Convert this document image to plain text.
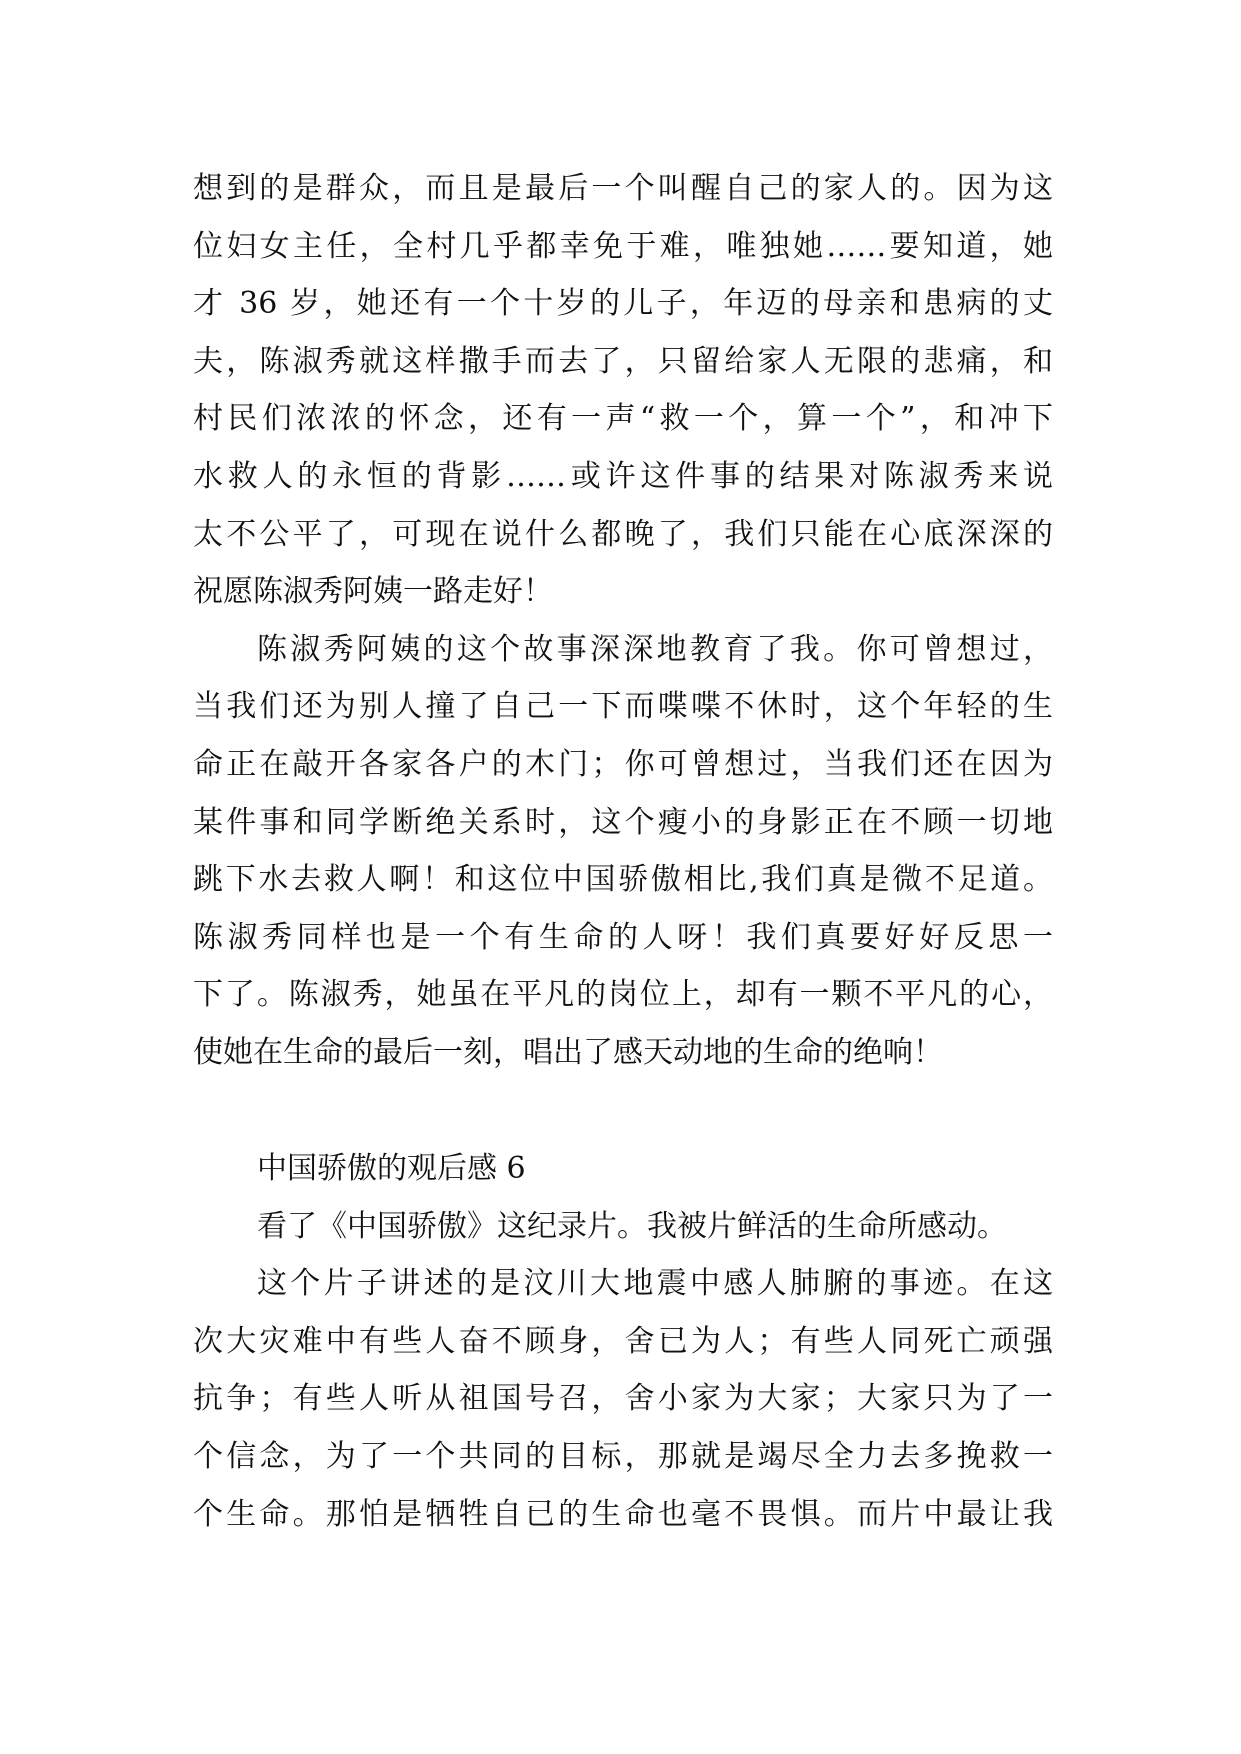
想到的是群众，而且是最后一个叫醒自己的家人的。因为这
位妇女主任，全村几乎都幸免于难，唯独她……要知道，她
才 36 岁，她还有一个十岁的儿子，年迈的母亲和患病的丈
夫，陈淑秀就这样撒手而去了，只留给家人无限的悲痛，和
村民们浓浓的怀念，还有一声“救一个，算一个”，和冲下
水救人的永恒的背影……或许这件事的结果对陈淑秀来说
太不公平了，可现在说什么都晚了，我们只能在心底深深的
祝愿陈淑秀阿姨一路走好！
陈淑秀阿姨的这个故事深深地教育了我。你可曾想过，
当我们还为别人撞了自己一下而喋喋不休时，这个年轻的生
命正在敲开各家各户的木门；你可曾想过，当我们还在因为
某件事和同学断绝关系时，这个瘦小的身影正在不顾一切地
跳下水去救人啊！和这位中国骄傲相比,我们真是微不足道。
陈淑秀同样也是一个有生命的人呀！我们真要好好反思一
下了。陈淑秀，她虽在平凡的岗位上，却有一颗不平凡的心，
使她在生命的最后一刻，唱出了感天动地的生命的绝响！
中国骄傲的观后感 6
看了《中国骄傲》这纪录片。我被片鲜活的生命所感动。
这个片子讲述的是汶川大地震中感人肺腑的事迹。在这
次大灾难中有些人奋不顾身，舍已为人；有些人同死亡顽强
抗争；有些人听从祖国号召，舍小家为大家；大家只为了一
个信念，为了一个共同的目标，那就是竭尽全力去多挽救一
个生命。那怕是牺牲自已的生命也毫不畏惧。而片中最让我
